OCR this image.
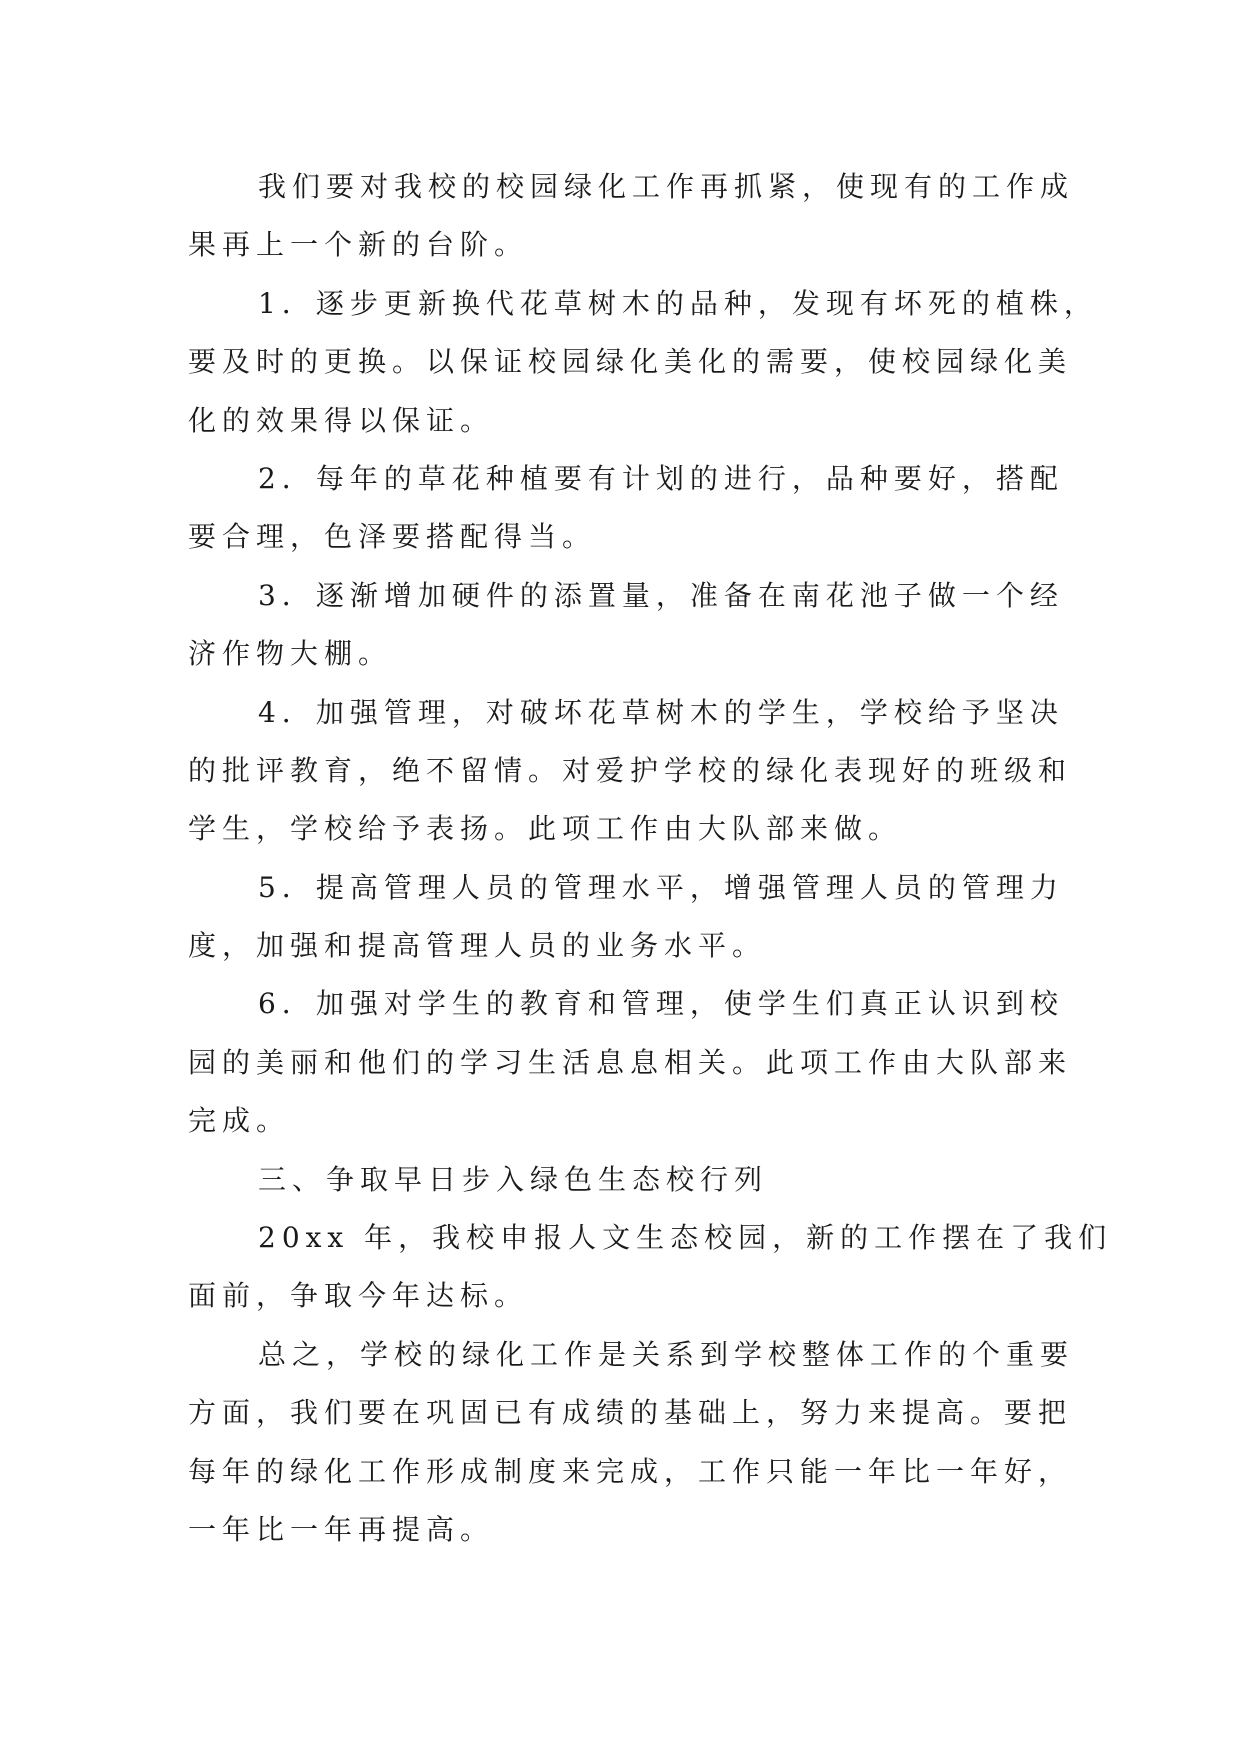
我们要对我校的校园绿化工作再抓紧，使现有的工作成
果再上一个新的台阶。

1．逐步更新换代花草树木的品种，发现有坏死的植株，
要及时的更换。以保证校园绿化美化的需要，使校园绿化美
化的效果得以保证。

2．每年的草花种植要有计划的进行，品种要好，搭配
要合理，色泽要搭配得当。

3．逐渐增加硬件的添置量，准备在南花池子做一个经
济作物大棚。

4．加强管理，对破坏花草树木的学生，学校给予坚决
的批评教育，绝不留情。对爱护学校的绿化表现好的班级和
学生，学校给予表扬。此项工作由大队部来做。

5．提高管理人员的管理水平，增强管理人员的管理力
度，加强和提高管理人员的业务水平。

6．加强对学生的教育和管理，使学生们真正认识到校
园的美丽和他们的学习生活息息相关。此项工作由大队部来
完成。

三、争取早日步入绿色生态校行列

20xx 年，我校申报人文生态校园，新的工作摆在了我们
面前，争取今年达标。

总之，学校的绿化工作是关系到学校整体工作的个重要
方面，我们要在巩固已有成绩的基础上，努力来提高。要把
每年的绿化工作形成制度来完成，工作只能一年比一年好，
一年比一年再提高。
